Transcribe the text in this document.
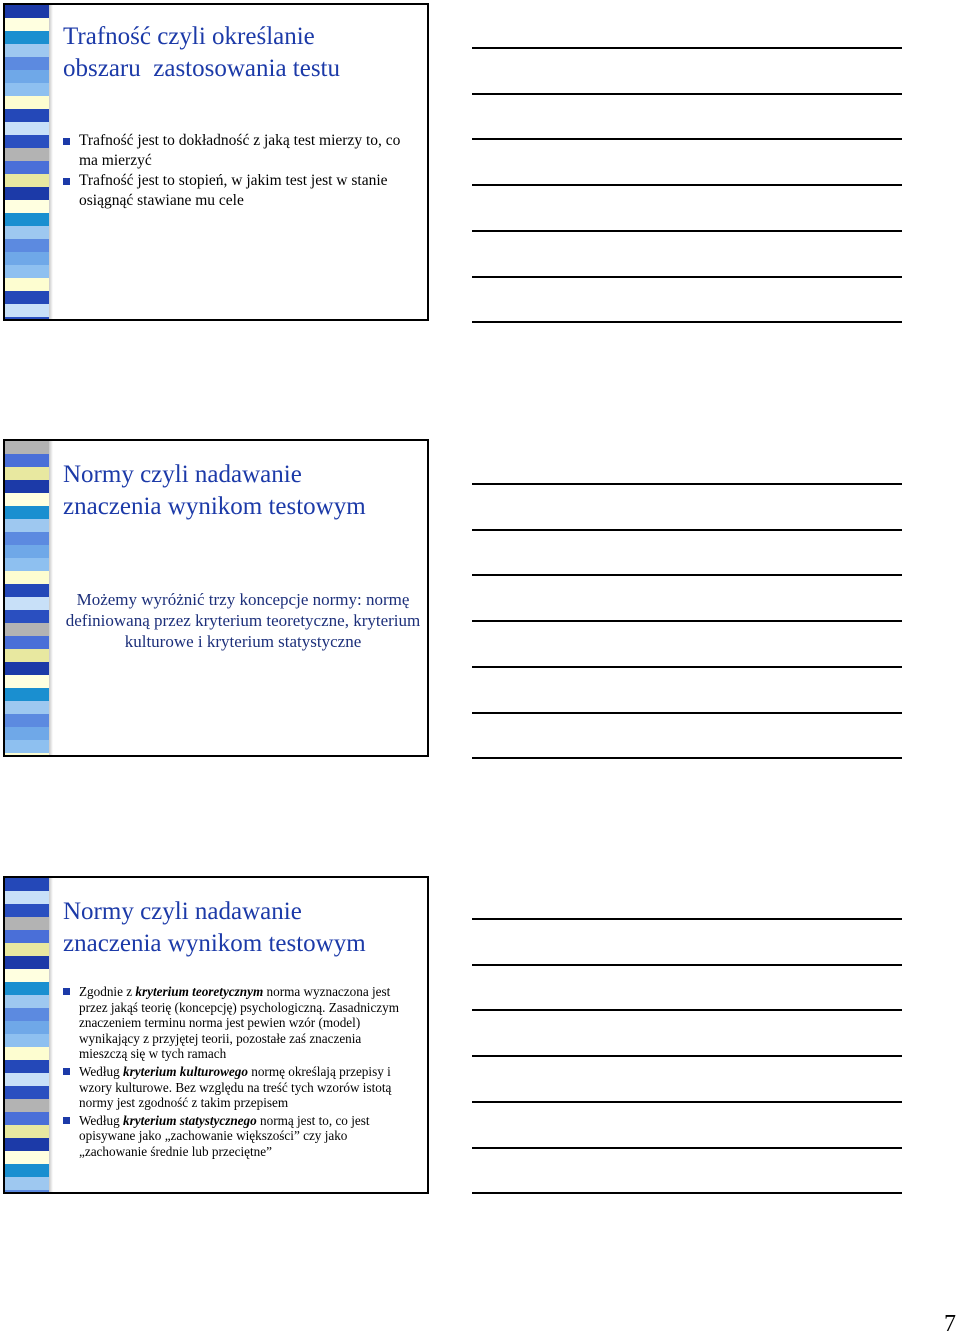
Trafność czyli określanie obszaru  zastosowania testu
Trafność jest to dokładność z jaką test mierzy to, co ma mierzyć
Trafność jest to stopień, w jakim test jest w stanie osiągnąć stawiane mu cele
Normy czyli nadawanie znaczenia wynikom testowym
Możemy wyróżnić trzy koncepcje normy: normę definiowaną przez kryterium teoretyczne, kryterium kulturowe i kryterium statystyczne
Normy czyli nadawanie znaczenia wynikom testowym
Zgodnie z kryterium teoretycznym norma wyznaczona jest przez jakąś teorię (koncepcję) psychologiczną. Zasadniczym znaczeniem terminu norma jest pewien wzór (model) wynikający z przyjętej teorii, pozostałe zaś znaczenia mieszczą się w tych ramach
Według kryterium kulturowego normę określają przepisy i wzory kulturowe. Bez względu na treść tych wzorów istotą normy jest zgodność z takim przepisem
Według kryterium statystycznego normą jest to, co jest opisywane jako „zachowanie większości” czy jako „zachowanie średnie lub przeciętne”
7
